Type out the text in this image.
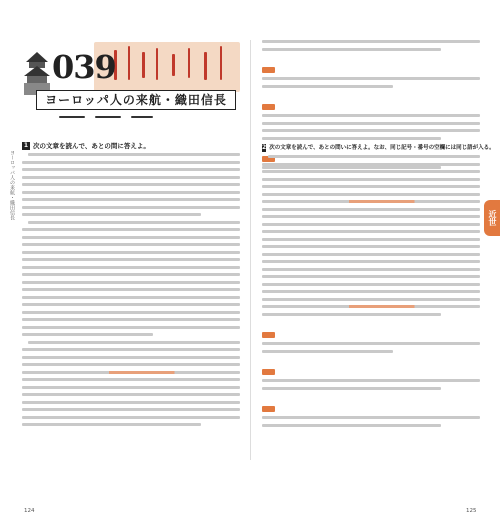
039
ヨーロッパ人の来航・織田信長
1 次の文章を読んで、あとの問に答えよ。
124
ヨーロッパ人の来航・織田信長

2 次の文章を読んで、あとの問いに答えよ。なお、同じ記号・番号の空欄には同じ語が入る。

125
近世
